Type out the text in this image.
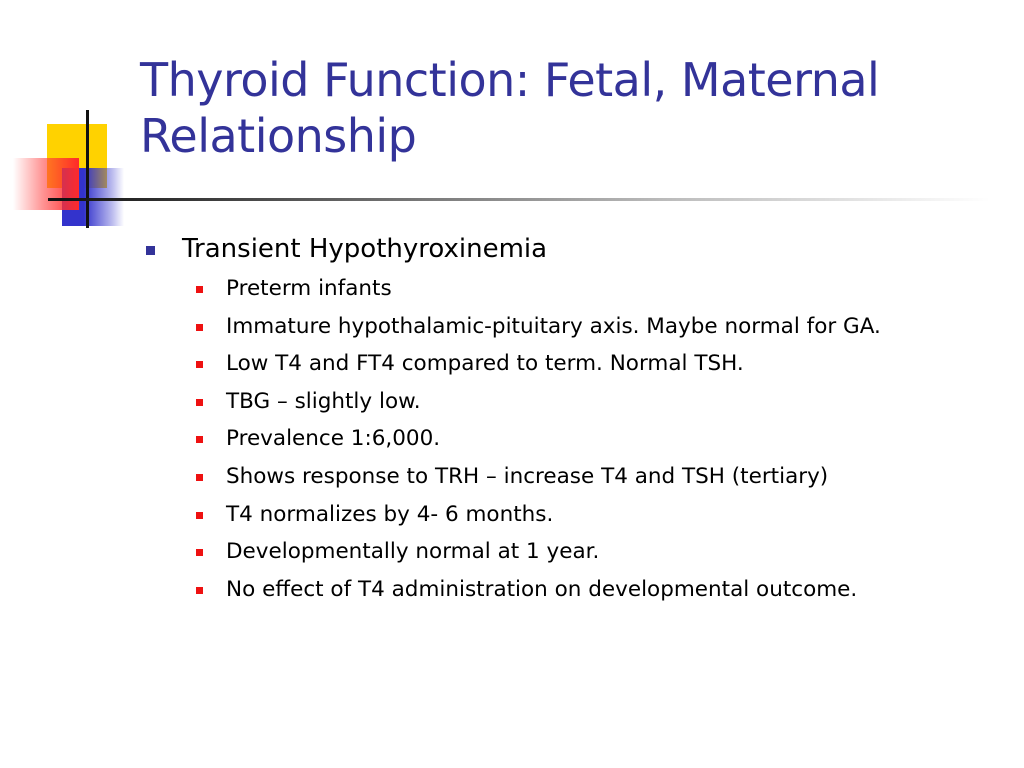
Thyroid Function: Fetal, Maternal Relationship
Transient Hypothyroxinemia
Preterm infants
Immature hypothalamic-pituitary axis. Maybe normal for GA.
Low T4 and FT4 compared to term. Normal TSH.
TBG – slightly low.
Prevalence 1:6,000.
Shows response to TRH – increase T4 and TSH (tertiary)
T4 normalizes by 4- 6 months.
Developmentally normal at 1 year.
No effect of T4 administration on developmental outcome.
